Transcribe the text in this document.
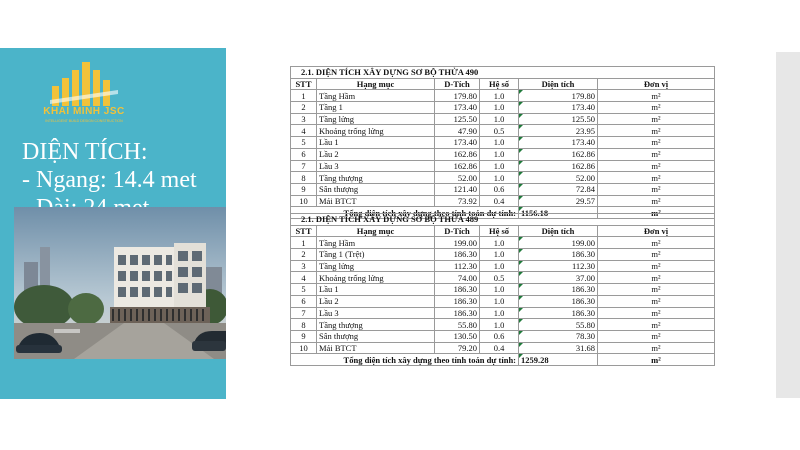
KHAI MINH JSC
INTELLIGENT BUILD DESIGN CONSTRUCTION
DIỆN TÍCH:
- Ngang: 14.4 met
2.1. DIỆN TÍCH XÂY DỰNG SƠ BỘ THỬA 490					
STT	Hạng mục	D-Tích	Hệ số	Diện tích	Đơn vị
1	Tầng Hầm	179.80	1.0	179.80	m²
2	Tầng 1	173.40	1.0	173.40	m²
3	Tầng lửng	125.50	1.0	125.50	m²
4	Khoảng trống lửng	47.90	0.5	23.95	m²
5	Lầu 1	173.40	1.0	173.40	m²
6	Lầu 2	162.86	1.0	162.86	m²
7	Lầu 3	162.86	1.0	162.86	m²
8	Tầng thượng	52.00	1.0	52.00	m²
9	Sân thượng	121.40	0.6	72.84	m²
10	Mái BTCT	73.92	0.4	29.57	m²
Tổng diện tích xây dựng theo tính toán dự tính:				1156.18	m²
2.1. DIỆN TÍCH XÂY DỰNG SƠ BỘ THỬA 489					
STT	Hạng mục	D-Tích	Hệ số	Diện tích	Đơn vị
1	Tầng Hầm	199.00	1.0	199.00	m²
2	Tầng 1 (Trệt)	186.30	1.0	186.30	m²
3	Tầng lửng	112.30	1.0	112.30	m²
4	Khoảng trống lửng	74.00	0.5	37.00	m²
5	Lầu 1	186.30	1.0	186.30	m²
6	Lầu 2	186.30	1.0	186.30	m²
7	Lầu 3	186.30	1.0	186.30	m²
8	Tầng thượng	55.80	1.0	55.80	m²
9	Sân thượng	130.50	0.6	78.30	m²
10	Mái BTCT	79.20	0.4	31.68	m²
Tổng diện tích xây dựng theo tính toán dự tính:				1259.28	m²
